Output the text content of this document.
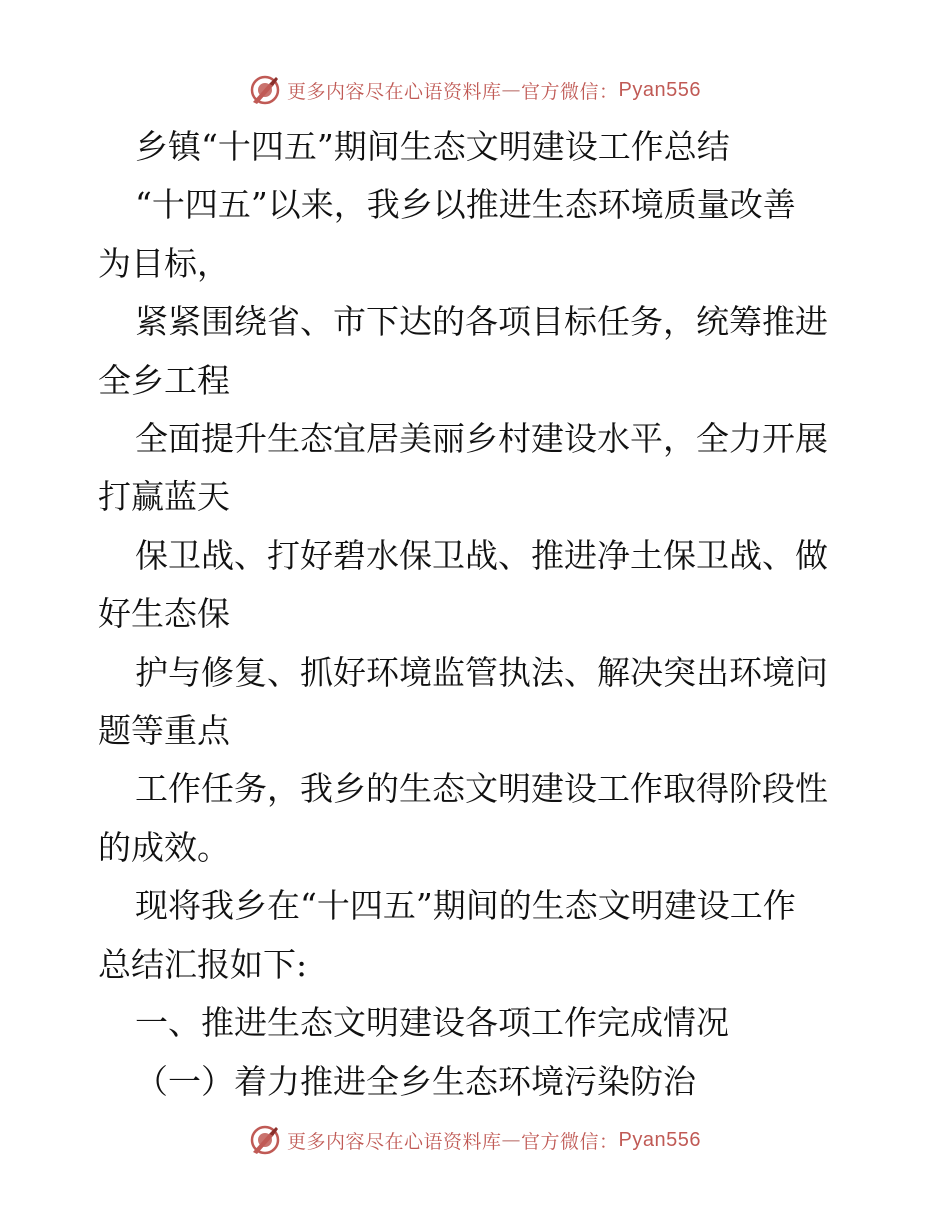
更多内容尽在心语资料库 — 官方微信： Pyan556

乡镇“十四五”期间生态文明建设工作总结

“十四五”以来，我乡以推进生态环境质量改善

为目标，

紧紧围绕省、市下达的各项目标任务，统筹推进

全乡工程

全面提升生态宜居美丽乡村建设水平，全力开展

打赢蓝天

保卫战、打好碧水保卫战、推进净土保卫战、做

好生态保

护与修复、抓好环境监管执法、解决突出环境问

题等重点

工作任务，我乡的生态文明建设工作取得阶段性

的成效。

现将我乡在“十四五”期间的生态文明建设工作

总结汇报如下:

一、推进生态文明建设各项工作完成情况

（一）着力推进全乡生态环境污染防治

更多内容尽在心语资料库 — 官方微信： Pyan556
